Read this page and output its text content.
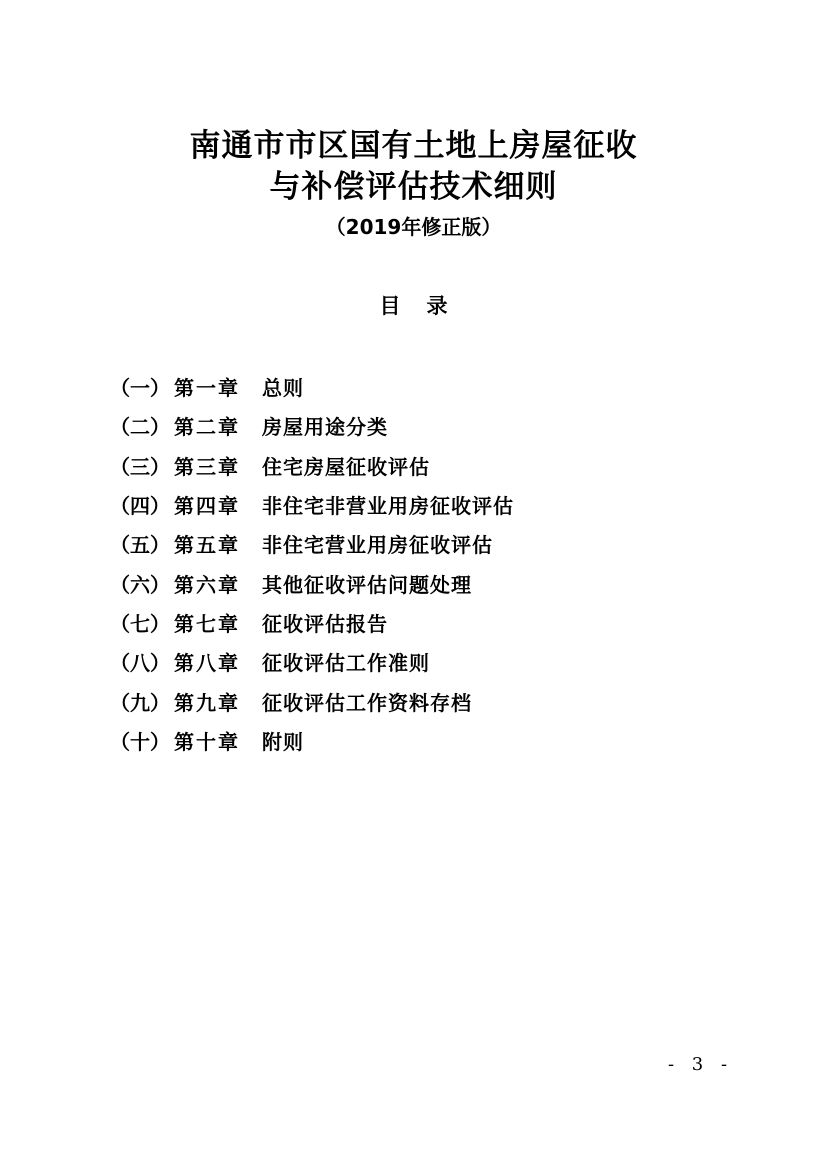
南通市市区国有土地上房屋征收
与补偿评估技术细则
（2019年修正版）
目录
（一） 第一章	总则
（二） 第二章	房屋用途分类
（三） 第三章	住宅房屋征收评估
（四） 第四章	非住宅非营业用房征收评估
（五） 第五章	非住宅营业用房征收评估
（六） 第六章	其他征收评估问题处理
（七） 第七章	征收评估报告
（八） 第八章	征收评估工作准则
（九） 第九章	征收评估工作资料存档
（十） 第十章	附则
- 3 -
